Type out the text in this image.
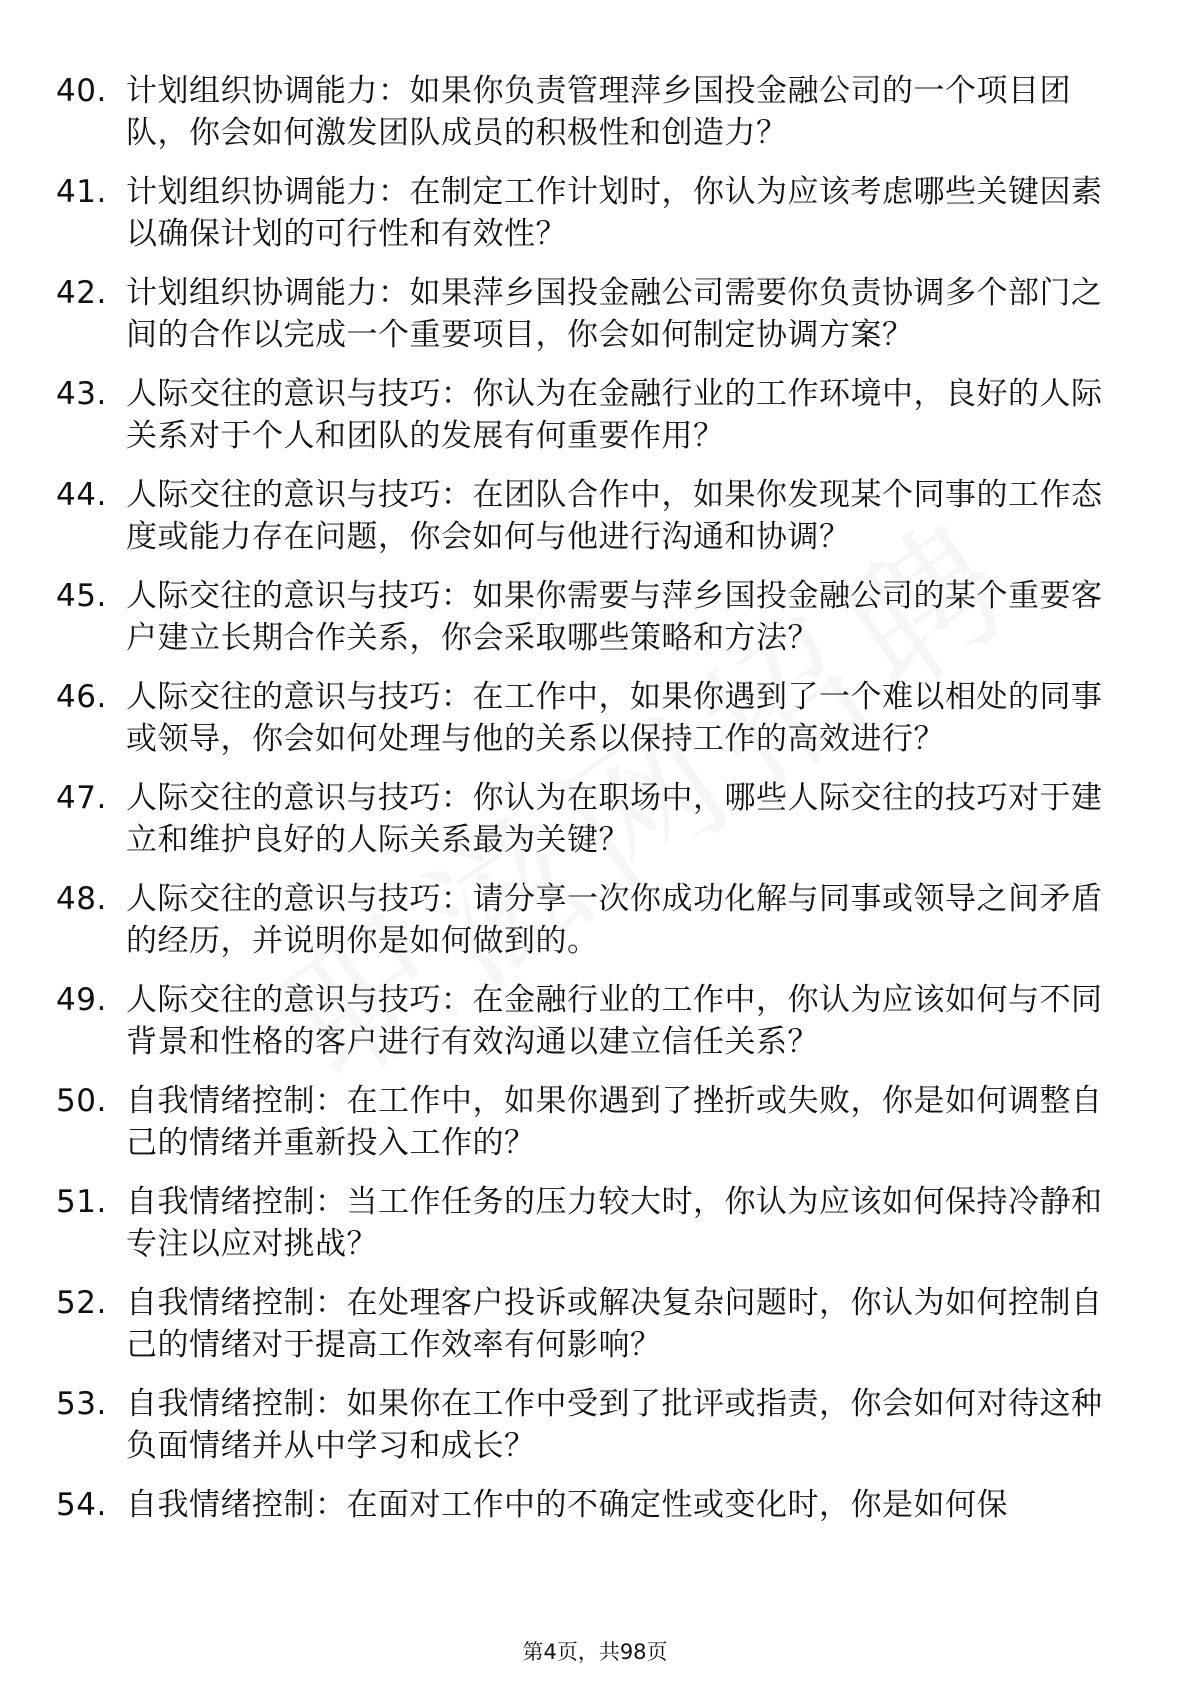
40. 计划组织协调能力：如果你负责管理萍乡国投金融公司的一个项目团队，你会如何激发团队成员的积极性和创造力？
41. 计划组织协调能力：在制定工作计划时，你认为应该考虑哪些关键因素以确保计划的可行性和有效性？
42. 计划组织协调能力：如果萍乡国投金融公司需要你负责协调多个部门之间的合作以完成一个重要项目，你会如何制定协调方案？
43. 人际交往的意识与技巧：你认为在金融行业的工作环境中，良好的人际关系对于个人和团队的发展有何重要作用？
44. 人际交往的意识与技巧：在团队合作中，如果你发现某个同事的工作态度或能力存在问题，你会如何与他进行沟通和协调？
45. 人际交往的意识与技巧：如果你需要与萍乡国投金融公司的某个重要客户建立长期合作关系，你会采取哪些策略和方法？
46. 人际交往的意识与技巧：在工作中，如果你遇到了一个难以相处的同事或领导，你会如何处理与他的关系以保持工作的高效进行？
47. 人际交往的意识与技巧：你认为在职场中，哪些人际交往的技巧对于建立和维护良好的人际关系最为关键？
48. 人际交往的意识与技巧：请分享一次你成功化解与同事或领导之间矛盾的经历，并说明你是如何做到的。
49. 人际交往的意识与技巧：在金融行业的工作中，你认为应该如何与不同背景和性格的客户进行有效沟通以建立信任关系？
50. 自我情绪控制：在工作中，如果你遇到了挫折或失败，你是如何调整自己的情绪并重新投入工作的？
51. 自我情绪控制：当工作任务的压力较大时，你认为应该如何保持冷静和专注以应对挑战？
52. 自我情绪控制：在处理客户投诉或解决复杂问题时，你认为如何控制自己的情绪对于提高工作效率有何影响？
53. 自我情绪控制：如果你在工作中受到了批评或指责，你会如何对待这种负面情绪并从中学习和成长？
54. 自我情绪控制：在面对工作中的不确定性或变化时，你是如何保
第4页，共98页
